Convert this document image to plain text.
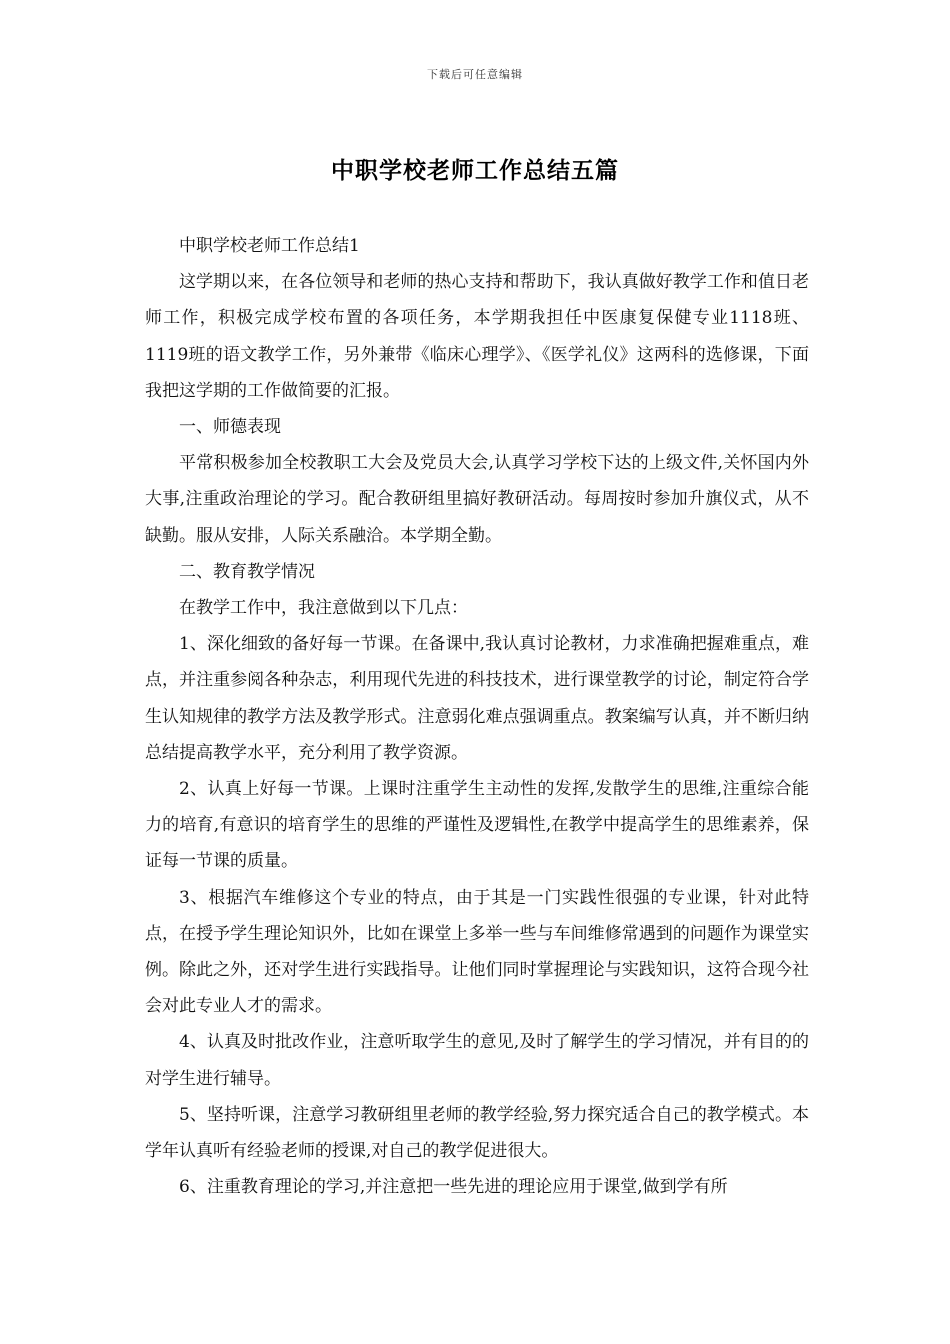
下载后可任意编辑
中职学校老师工作总结五篇

中职学校老师工作总结1

这学期以来，在各位领导和老师的热心支持和帮助下，我认真做好教学工作和值日老师工作，积极完成学校布置的各项任务，本学期我担任中医康复保健专业1118班、1119班的语文教学工作，另外兼带《临床心理学》、《医学礼仪》这两科的选修课，下面我把这学期的工作做简要的汇报。

一、师德表现

平常积极参加全校教职工大会及党员大会,认真学习学校下达的上级文件,关怀国内外大事,注重政治理论的学习。配合教研组里搞好教研活动。每周按时参加升旗仪式，从不缺勤。服从安排，人际关系融洽。本学期全勤。

二、教育教学情况

在教学工作中，我注意做到以下几点：

1、深化细致的备好每一节课。在备课中,我认真讨论教材，力求准确把握难重点，难点，并注重参阅各种杂志，利用现代先进的科技技术，进行课堂教学的讨论，制定符合学生认知规律的教学方法及教学形式。注意弱化难点强调重点。教案编写认真，并不断归纳总结提高教学水平，充分利用了教学资源。

2、认真上好每一节课。上课时注重学生主动性的发挥,发散学生的思维,注重综合能力的培育,有意识的培育学生的思维的严谨性及逻辑性,在教学中提高学生的思维素养，保证每一节课的质量。

3、根据汽车维修这个专业的特点，由于其是一门实践性很强的专业课，针对此特点，在授予学生理论知识外，比如在课堂上多举一些与车间维修常遇到的问题作为课堂实例。除此之外，还对学生进行实践指导。让他们同时掌握理论与实践知识，这符合现今社会对此专业人才的需求。

4、认真及时批改作业，注意听取学生的意见,及时了解学生的学习情况，并有目的的对学生进行辅导。

5、坚持听课，注意学习教研组里老师的教学经验,努力探究适合自己的教学模式。本学年认真听有经验老师的授课,对自己的教学促进很大。

6、注重教育理论的学习,并注意把一些先进的理论应用于课堂,做到学有所
